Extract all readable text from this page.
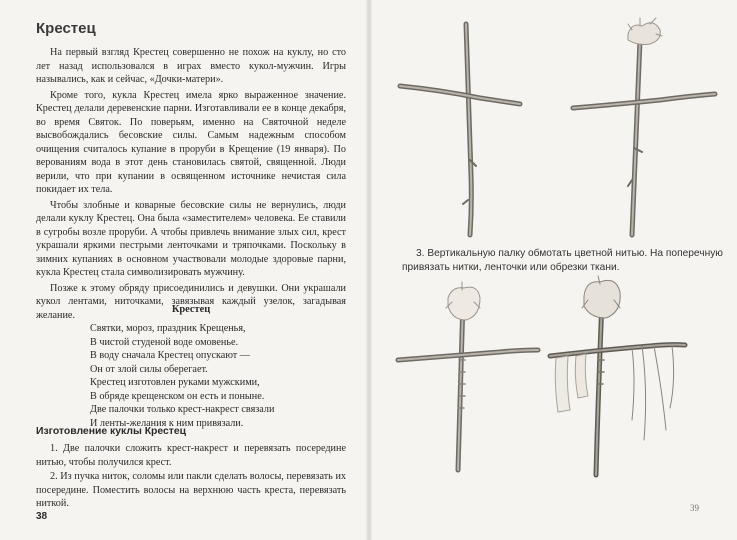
Крестец

На первый взгляд Крестец совершенно не похож на куклу, но сто лет назад использовался в играх вместо кукол-мужчин. Игры назывались, как и сейчас, «Дочки-матери».

Кроме того, кукла Крестец имела ярко выраженное значение. Крестец делали деревенские парни. Изготавливали ее в конце декабря, во время Святок. По поверьям, именно на Святочной неделе высвобождались бесовские силы. Самым надежным способом очищения считалось купание в проруби в Крещение (19 января). По верованиям вода в этот день становилась святой, священной. Люди верили, что при купании в освященном источнике нечистая сила покидает их тела.

Чтобы злобные и коварные бесовские силы не вернулись, люди делали куклу Крестец. Она была «заместителем» человека. Ее ставили в сугробы возле проруби. А чтобы привлечь внимание злых сил, крест украшали яркими пестрыми ленточками и тряпочками. Поскольку в зимних купаниях в основном участвовали молодые здоровые парни, кукла Крестец стала символизировать мужчину.

Позже к этому обряду присоединились и девушки. Они украшали кукол лентами, ниточками, завязывая каждый узелок, загадывая желание.	Крестец
Святки, мороз, праздник Крещенья,
В чистой студеной воде омовенье.
В воду сначала Крестец опускают —
Он от злой силы оберегает.
Крестец изготовлен руками мужскими,
В обряде крещенском он есть и поныне.
Две палочки только крест-накрест связали
И ленты-желания к ним привязали.
Изготовление куклы Крестец

1. Две палочки сложить крест-накрест и перевязать посередине нитью, чтобы получился крест.

2. Из пучка ниток, соломы или пакли сделать волосы, перевязать их посередине. Поместить волосы на верхнюю часть креста, перевязать ниткой.

38

3. Вертикальную палку обмотать цветной нитью. На поперечную привязать нитки, ленточки или обрезки ткани.

39
